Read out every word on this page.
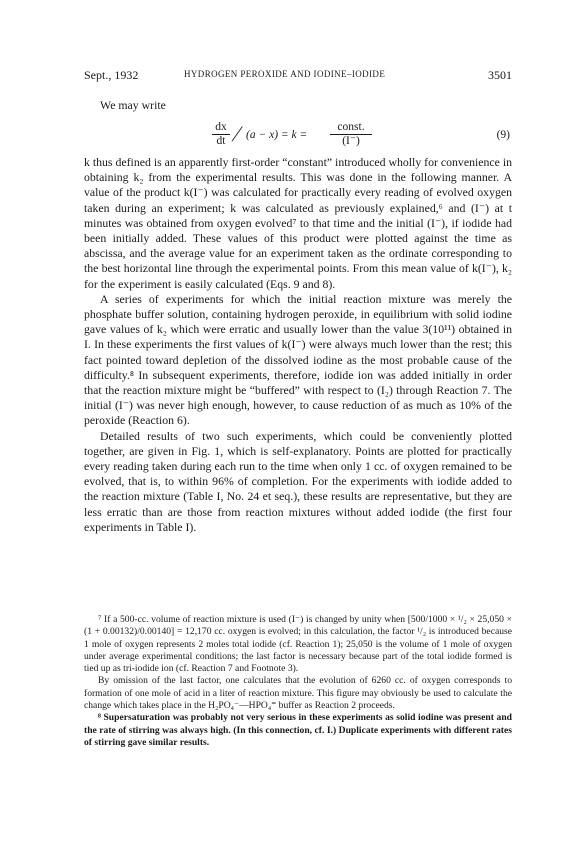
Sept., 1932	HYDROGEN PEROXIDE AND IODINE–IODIDE	3501

We may write

$\frac{dx}{dt} / (a - x) = k$ =
const.
(I⁻)	(9)

k thus defined is an apparently first-order “constant” introduced wholly for convenience in obtaining k₂ from the experimental results. This was done in the following manner. A value of the product k(I⁻) was calculated for practically every reading of evolved oxygen taken during an experiment; k was calculated as previously explained,⁶ and (I⁻) at t minutes was obtained from oxygen evolved⁷ to that time and the initial (I⁻), if iodide had been initially added. These values of this product were plotted against the time as abscissa, and the average value for an experiment taken as the ordinate corresponding to the best horizontal line through the experimental points. From this mean value of k(I⁻), k₂ for the experiment is easily calculated (Eqs. 9 and 8).

A series of experiments for which the initial reaction mixture was merely the phosphate buffer solution, containing hydrogen peroxide, in equilibrium with solid iodine gave values of k₂ which were erratic and usually lower than the value 3(10¹¹) obtained in I. In these experiments the first values of k(I⁻) were always much lower than the rest; this fact pointed toward depletion of the dissolved iodine as the most probable cause of the difficulty.⁸ In subsequent experiments, therefore, iodide ion was added initially in order that the reaction mixture might be “buffered” with respect to (I₂) through Reaction 7. The initial (I⁻) was never high enough, however, to cause reduction of as much as 10% of the peroxide (Reaction 6).

Detailed results of two such experiments, which could be conveniently plotted together, are given in Fig. 1, which is self-explanatory. Points are plotted for practically every reading taken during each run to the time when only 1 cc. of oxygen remained to be evolved, that is, to within 96% of completion. For the experiments with iodide added to the reaction mixture (Table I, No. 24 et seq.), these results are representative, but they are less erratic than are those from reaction mixtures without added iodide (the first four experiments in Table I).

⁷ If a 500-cc. volume of reaction mixture is used (I⁻) is changed by unity when [500/1000 × ¹/₂ × 25,050 × (1 + 0.00132)/0.00140] = 12,170 cc. oxygen is evolved; in this calculation, the factor ¹/₂ is introduced because 1 mole of oxygen represents 2 moles total iodide (cf. Reaction 1); 25,050 is the volume of 1 mole of oxygen under average experimental conditions; the last factor is necessary because part of the total iodide formed is tied up as tri-iodide ion (cf. Reaction 7 and Footnote 3).

By omission of the last factor, one calculates that the evolution of 6260 cc. of oxygen corresponds to formation of one mole of acid in a liter of reaction mixture. This figure may obviously be used to calculate the change which takes place in the H₂PO₄⁻—HPO₄⁼ buffer as Reaction 2 proceeds.

⁸ Supersaturation was probably not very serious in these experiments as solid iodine was present and the rate of stirring was always high. (In this connection, cf. I.) Duplicate experiments with different rates of stirring gave similar results.
